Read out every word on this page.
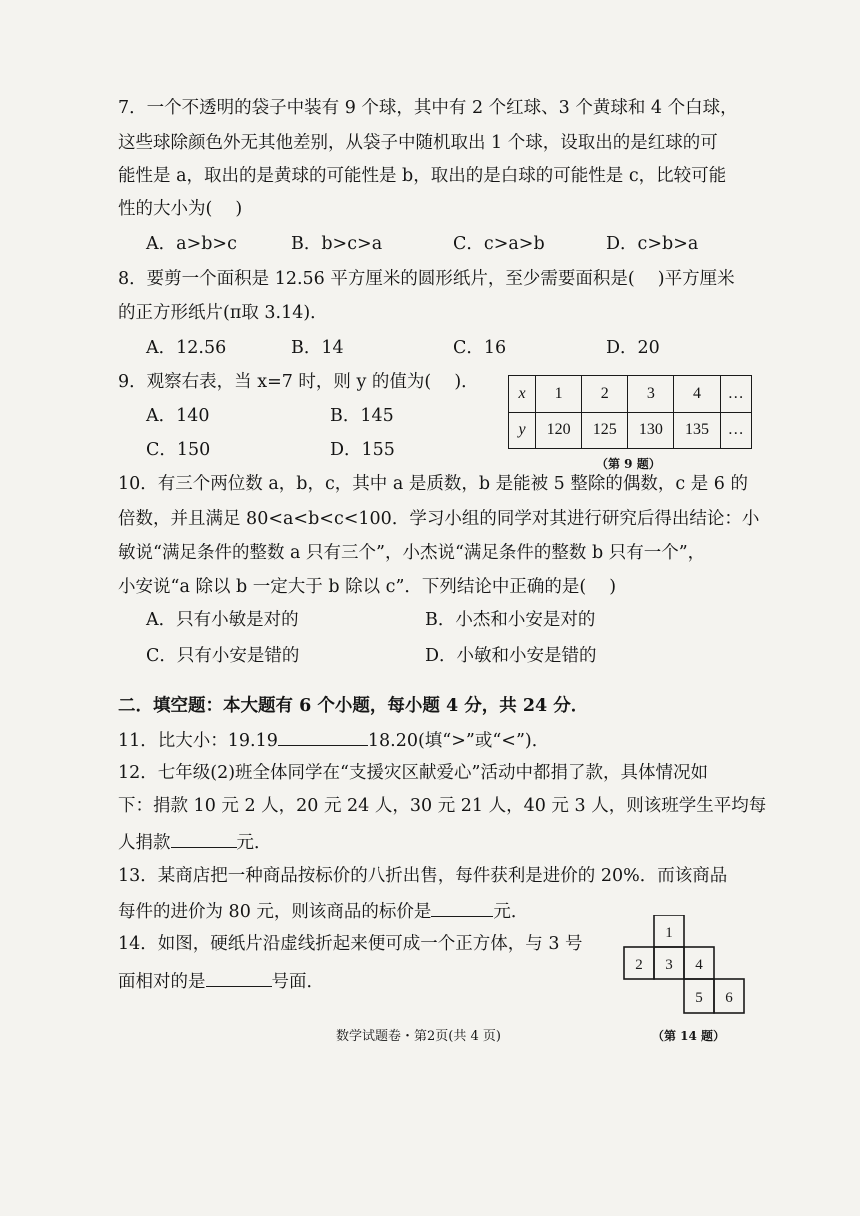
7．一个不透明的袋子中装有 9 个球，其中有 2 个红球、3 个黄球和 4 个白球，
这些球除颜色外无其他差别，从袋子中随机取出 1 个球，设取出的是红球的可
能性是 a，取出的是黄球的可能性是 b，取出的是白球的可能性是 c，比较可能
性的大小为(　 )
A．a>b>c	B．b>c>a	C．c>a>b	D．c>b>a
8．要剪一个面积是 12.56 平方厘米的圆形纸片，至少需要面积是(　 )平方厘米
的正方形纸片(π取 3.14)．
A．12.56	B．14	C．16	D．20
9．观察右表，当 x=7 时，则 y 的值为(　 )．
A．140	B．145
C．150	D．155
x	1	2	3	4	…
y	120	125	130	135	…
（第 9 题）
10．有三个两位数 a，b，c，其中 a 是质数，b 是能被 5 整除的偶数，c 是 6 的
倍数，并且满足 80<a<b<c<100．学习小组的同学对其进行研究后得出结论：小
敏说“满足条件的整数 a 只有三个”，小杰说“满足条件的整数 b 只有一个”，
小安说“a 除以 b 一定大于 b 除以 c”．下列结论中正确的是(　 )
A．只有小敏是对的	B．小杰和小安是对的
C．只有小安是错的	D．小敏和小安是错的
二．填空题：本大题有 6 个小题，每小题 4 分，共 24 分．
11．比大小：19.19	18.20(填“>”或“<”)．
12．七年级(2)班全体同学在“支援灾区献爱心”活动中都捐了款，具体情况如
下：捐款 10 元 2 人，20 元 24 人，30 元 21 人，40 元 3 人，则该班学生平均每
人捐款	元．
13．某商店把一种商品按标价的八折出售，每件获利是进价的 20%．而该商品
每件的进价为 80 元，则该商品的标价是	元．
14．如图，硬纸片沿虚线折起来便可成一个正方体，与 3 号
面相对的是	号面．
1
2 3 4
5 6
（第 14 题）
数学试题卷・第2页(共 4 页)
